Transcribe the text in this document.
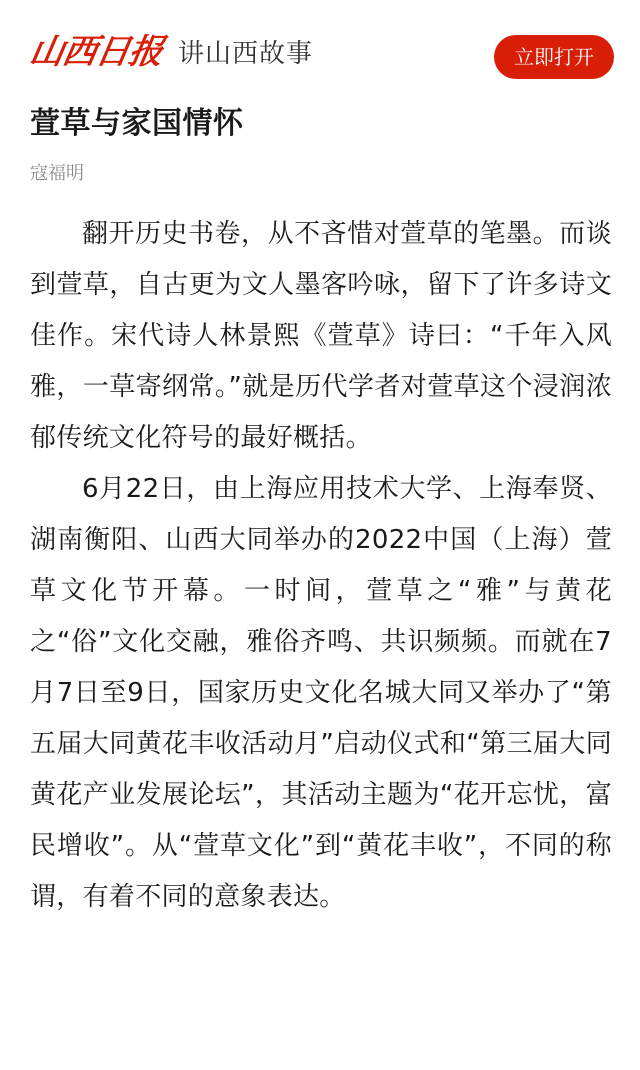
山西日报 讲山西故事	立即打开
萱草与家国情怀
寇福明

翻开历史书卷，从不吝惜对萱草的笔墨。而谈到萱草，自古更为文人墨客吟咏，留下了许多诗文佳作。宋代诗人林景熙《萱草》诗曰：“千年入风雅，一草寄纲常。”就是历代学者对萱草这个浸润浓郁传统文化符号的最好概括。

6月22日，由上海应用技术大学、上海奉贤、湖南衡阳、山西大同举办的2022中国（上海）萱草文化节开幕。一时间，萱草之“雅”与黄花之“俗”文化交融，雅俗齐鸣、共识频频。而就在7月7日至9日，国家历史文化名城大同又举办了“第五届大同黄花丰收活动月”启动仪式和“第三届大同黄花产业发展论坛”，其活动主题为“花开忘忧，富民增收”。从“萱草文化”到“黄花丰收”，不同的称谓，有着不同的意象表达。
